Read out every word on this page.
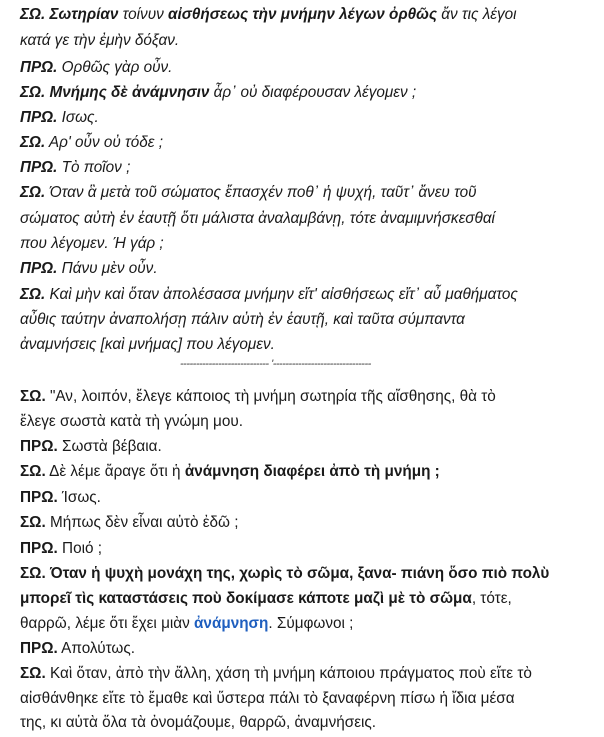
ΣΩ. Σωτηρίαν τοίνυν αἰσθήσεως τὴν μνήμην λέγων ὀρθῶς ἄν τις λέγοι
κατά γε τὴν ἐμὴν δόξαν.
ΠΡΩ. Ορθῶς γὰρ οὖν.
ΣΩ. Μνήμης δὲ ἀνάμνησιν ἆρ᾽ οὐ διαφέρουσαν λέγομεν ;
ΠΡΩ. Ισως.
ΣΩ. Αρ' οὖν οὐ τόδε ;
ΠΡΩ. Τὸ ποῖον ;
ΣΩ. Όταν ἃ μετὰ τοῦ σώματος ἔπασχέν ποθ᾽ ἡ ψυχή, ταῦτ᾽ ἄνευ τοῦ
σώματος αὐτὴ ἐν ἑαυτῇ ὅτι μάλιστα ἀναλαμβάνῃ, τότε ἀναμιμνήσκεσθαί
που λέγομεν. Ή γάρ ;
ΠΡΩ. Πάνυ μὲν οὖν.
ΣΩ. Καὶ μὴν καὶ ὅταν ἀπολέσασα μνήμην εἴτ' αἰσθήσεως εἴτ᾽ αὖ μαθήματος
αὖθις ταύτην ἀναπολήσῃ πάλιν αὐτὴ ἐν ἑαυτῇ, καὶ ταῦτα σύμπαντα
ἀναμνήσεις [καὶ μνήμας] που λέγομεν.
---------------------------- '-------------------------------
ΣΩ. "Αν, λοιπόν, ἔλεγε κάποιος τὴ μνήμη σωτηρία τῆς αἴσθησης, θὰ τὸ
ἔλεγε σωστὰ κατὰ τὴ γνώμη μου.
ΠΡΩ. Σωστὰ βέβαια.
ΣΩ. Δὲ λέμε ἄραγε ὅτι ἡ ἀνάμνηση διαφέρει ἀπὸ τὴ μνήμη ;
ΠΡΩ. Ίσως.
ΣΩ. Μήπως δὲν εἶναι αὐτὸ ἐδῶ ;
ΠΡΩ. Ποιό ;
ΣΩ. Όταν ἡ ψυχὴ μονάχη της, χωρὶς τὸ σῶμα, ξανα- πιάνη ὅσο πιὸ πολὺ
μπορεῖ τὶς καταστάσεις ποὺ δοκίμασε κάποτε μαζὶ μὲ τὸ σῶμα, τότε,
θαρρῶ, λέμε ὅτι ἔχει μιὰν ἀνάμνηση. Σύμφωνοι ;
ΠΡΩ. Απολύτως.
ΣΩ. Καὶ ὅταν, ἀπὸ τὴν ἄλλη, χάση τὴ μνήμη κάποιου πράγματος ποὺ εἴτε τὸ
αἰσθάνθηκε εἴτε τὸ ἔμαθε καὶ ὕστερα πάλι τὸ ξαναφέρνη πίσω ἡ ἴδια μέσα
της, κι αὐτὰ ὅλα τὰ ὀνομάζουμε, θαρρῶ, ἀναμνήσεις.
